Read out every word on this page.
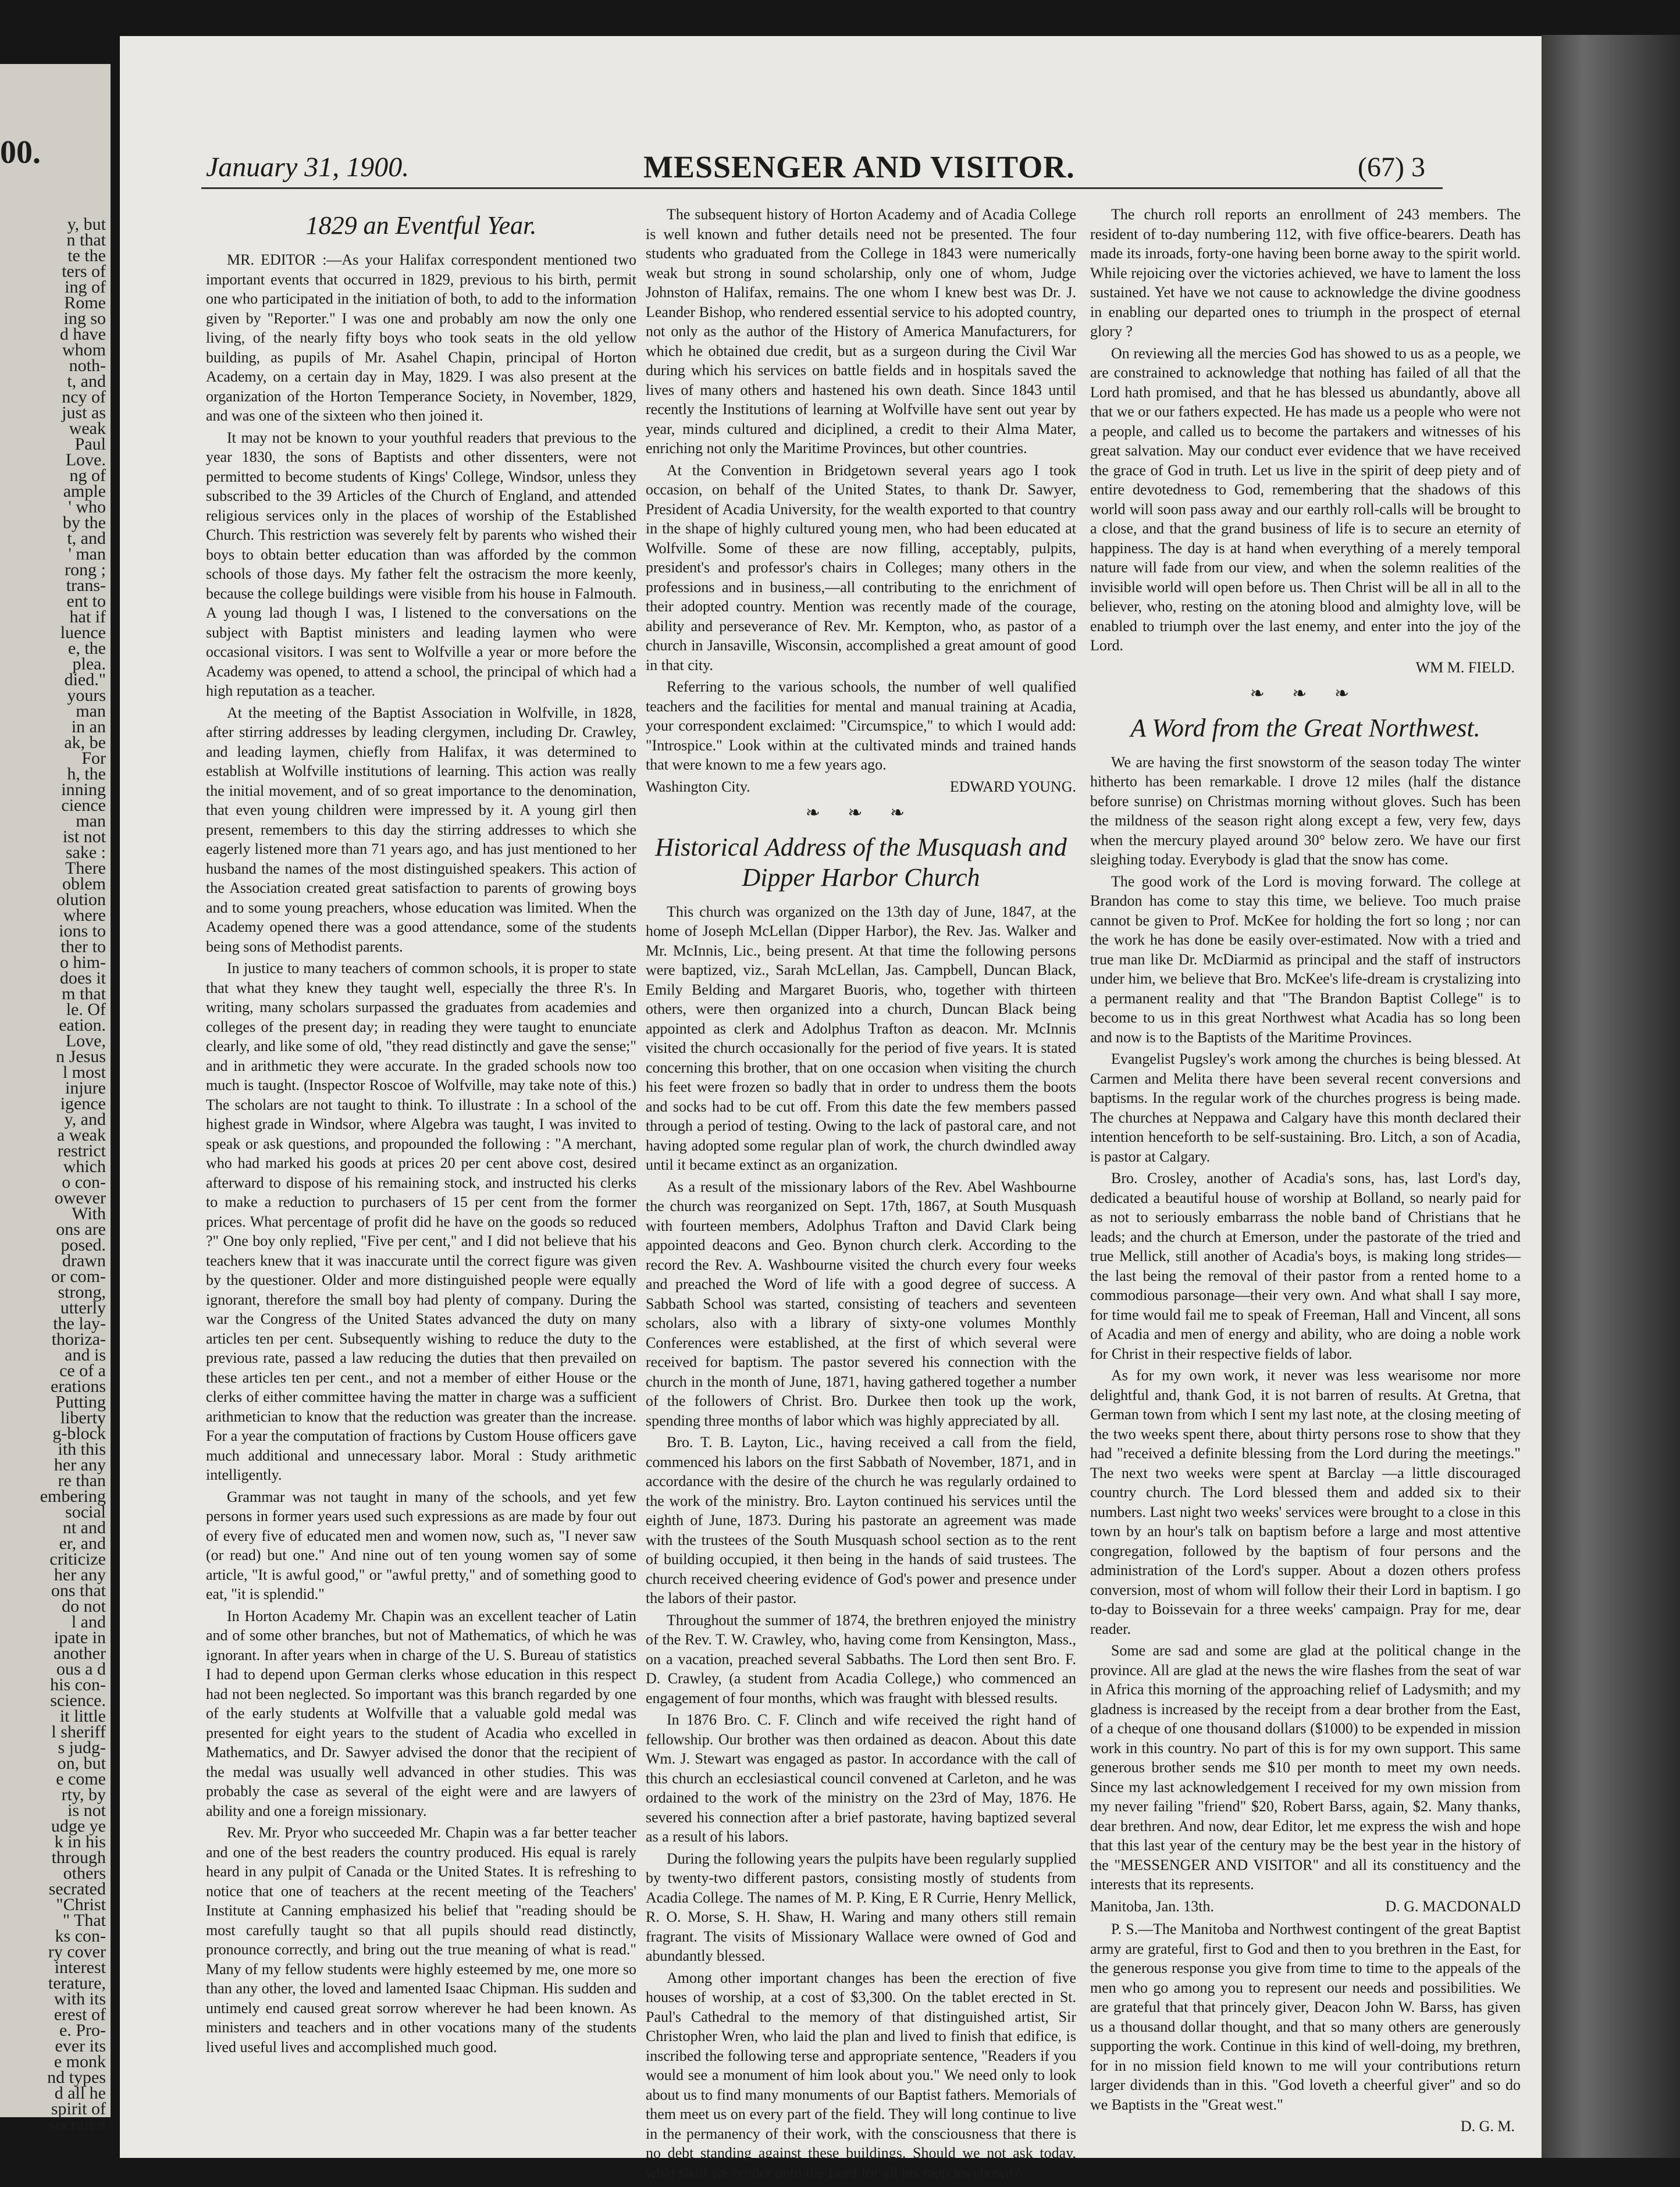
00.
y, but
n that
te the
ters of
ing of
Rome
ing so
d have
whom
noth-
t, and
ncy of
just as
weak
Paul
Love.
ng of
ample
' who
by the
t, and
' man
rong ;
trans-
ent to
hat if
luence
e, the
plea.
died."
yours
man
in an
ak, be
For
h, the
inning
cience
man
ist not
sake :
There
oblem
olution
where
ions to
ther to
o him-
does it
m that
le. Of
eation.
Love,
n Jesus
l most
injure
igence
y, and
a weak
restrict
which
o con-
owever
With
ons are
posed.
drawn
or com-
strong,
utterly
the lay-
thoriza-
and is
ce of a
erations
Putting
liberty
g-block
ith this
her any
re than
embering
social
nt and
er, and
criticize
her any
ons that
do not
l and
ipate in
another
ous a d
his con-
science.
it little
l sheriff
s judg-
on, but
e come
rty, by
is not
udge ye
k in his
through
others
secrated
"Christ
" That
ks con-
ry cover
interest
terature,
with its
erest of
e. Pro-
ever its
e monk
nd types
d all he
spirit of
secrated
January 31, 1900.	MESSENGER AND VISITOR.	(67) 3
1829 an Eventful Year.

MR. EDITOR :—As your Halifax correspondent mentioned two important events that occurred in 1829, previous to his birth, permit one who participated in the initiation of both, to add to the information given by "Reporter." I was one and probably am now the only one living, of the nearly fifty boys who took seats in the old yellow building, as pupils of Mr. Asahel Chapin, principal of Horton Academy, on a certain day in May, 1829. I was also present at the organization of the Horton Temperance Society, in November, 1829, and was one of the sixteen who then joined it.

It may not be known to your youthful readers that previous to the year 1830, the sons of Baptists and other dissenters, were not permitted to become students of Kings' College, Windsor, unless they subscribed to the 39 Articles of the Church of England, and attended religious services only in the places of worship of the Established Church. This restriction was severely felt by parents who wished their boys to obtain better education than was afforded by the common schools of those days. My father felt the ostracism the more keenly, because the college buildings were visible from his house in Falmouth. A young lad though I was, I listened to the conversations on the subject with Baptist ministers and leading laymen who were occasional visitors. I was sent to Wolfville a year or more before the Academy was opened, to attend a school, the principal of which had a high reputation as a teacher.

At the meeting of the Baptist Association in Wolfville, in 1828, after stirring addresses by leading clergymen, including Dr. Crawley, and leading laymen, chiefly from Halifax, it was determined to establish at Wolfville institutions of learning. This action was really the initial movement, and of so great importance to the denomination, that even young children were impressed by it. A young girl then present, remembers to this day the stirring addresses to which she eagerly listened more than 71 years ago, and has just mentioned to her husband the names of the most distinguished speakers. This action of the Association created great satisfaction to parents of growing boys and to some young preachers, whose education was limited. When the Academy opened there was a good attendance, some of the students being sons of Methodist parents.

In justice to many teachers of common schools, it is proper to state that what they knew they taught well, especially the three R's. In writing, many scholars surpassed the graduates from academies and colleges of the present day; in reading they were taught to enunciate clearly, and like some of old, "they read distinctly and gave the sense;" and in arithmetic they were accurate. In the graded schools now too much is taught. (Inspector Roscoe of Wolfville, may take note of this.) The scholars are not taught to think. To illustrate : In a school of the highest grade in Windsor, where Algebra was taught, I was invited to speak or ask questions, and propounded the following : "A merchant, who had marked his goods at prices 20 per cent above cost, desired afterward to dispose of his remaining stock, and instructed his clerks to make a reduction to purchasers of 15 per cent from the former prices. What percentage of profit did he have on the goods so reduced ?" One boy only replied, "Five per cent," and I did not believe that his teachers knew that it was inaccurate until the correct figure was given by the questioner. Older and more distinguished people were equally ignorant, therefore the small boy had plenty of company. During the war the Congress of the United States advanced the duty on many articles ten per cent. Subsequently wishing to reduce the duty to the previous rate, passed a law reducing the duties that then prevailed on these articles ten per cent., and not a member of either House or the clerks of either committee having the matter in charge was a sufficient arithmetician to know that the reduction was greater than the increase. For a year the computation of fractions by Custom House officers gave much additional and unnecessary labor. Moral : Study arithmetic intelligently.

Grammar was not taught in many of the schools, and yet few persons in former years used such expressions as are made by four out of every five of educated men and women now, such as, "I never saw (or read) but one." And nine out of ten young women say of some article, "It is awful good," or "awful pretty," and of something good to eat, "it is splendid."

In Horton Academy Mr. Chapin was an excellent teacher of Latin and of some other branches, but not of Mathematics, of which he was ignorant. In after years when in charge of the U. S. Bureau of statistics I had to depend upon German clerks whose education in this respect had not been neglected. So important was this branch regarded by one of the early students at Wolfville that a valuable gold medal was presented for eight years to the student of Acadia who excelled in Mathematics, and Dr. Sawyer advised the donor that the recipient of the medal was usually well advanced in other studies. This was probably the case as several of the eight were and are lawyers of ability and one a foreign missionary.

Rev. Mr. Pryor who succeeded Mr. Chapin was a far better teacher and one of the best readers the country produced. His equal is rarely heard in any pulpit of Canada or the United States. It is refreshing to notice that one of teachers at the recent meeting of the Teachers' Institute at Canning emphasized his belief that "reading should be most carefully taught so that all pupils should read distinctly, pronounce correctly, and bring out the true meaning of what is read." Many of my fellow students were highly esteemed by me, one more so than any other, the loved and lamented Isaac Chipman. His sudden and untimely end caused great sorrow wherever he had been known. As ministers and teachers and in other vocations many of the students lived useful lives and accomplished much good.

The subsequent history of Horton Academy and of Acadia College is well known and futher details need not be presented. The four students who graduated from the College in 1843 were numerically weak but strong in sound scholarship, only one of whom, Judge Johnston of Halifax, remains. The one whom I knew best was Dr. J. Leander Bishop, who rendered essential service to his adopted country, not only as the author of the History of America Manufacturers, for which he obtained due credit, but as a surgeon during the Civil War during which his services on battle fields and in hospitals saved the lives of many others and hastened his own death. Since 1843 until recently the Institutions of learning at Wolfville have sent out year by year, minds cultured and diciplined, a credit to their Alma Mater, enriching not only the Maritime Provinces, but other countries.

At the Convention in Bridgetown several years ago I took occasion, on behalf of the United States, to thank Dr. Sawyer, President of Acadia University, for the wealth exported to that country in the shape of highly cultured young men, who had been educated at Wolfville. Some of these are now filling, acceptably, pulpits, president's and professor's chairs in Colleges; many others in the professions and in business,—all contributing to the enrichment of their adopted country. Mention was recently made of the courage, ability and perseverance of Rev. Mr. Kempton, who, as pastor of a church in Jansaville, Wisconsin, accomplished a great amount of good in that city.

Referring to the various schools, the number of well qualified teachers and the facilities for mental and manual training at Acadia, your correspondent exclaimed: "Circumspice," to which I would add: "Introspice." Look within at the cultivated minds and trained hands that were known to me a few years ago.

Washington City.	EDWARD YOUNG.

❧ ❧ ❧
Historical Address of the Musquash and Dipper Harbor Church

This church was organized on the 13th day of June, 1847, at the home of Joseph McLellan (Dipper Harbor), the Rev. Jas. Walker and Mr. McInnis, Lic., being present. At that time the following persons were baptized, viz., Sarah McLellan, Jas. Campbell, Duncan Black, Emily Belding and Margaret Buoris, who, together with thirteen others, were then organized into a church, Duncan Black being appointed as clerk and Adolphus Trafton as deacon. Mr. McInnis visited the church occasionally for the period of five years. It is stated concerning this brother, that on one occasion when visiting the church his feet were frozen so badly that in order to undress them the boots and socks had to be cut off. From this date the few members passed through a period of testing. Owing to the lack of pastoral care, and not having adopted some regular plan of work, the church dwindled away until it became extinct as an organization.

As a result of the missionary labors of the Rev. Abel Washbourne the church was reorganized on Sept. 17th, 1867, at South Musquash with fourteen members, Adolphus Trafton and David Clark being appointed deacons and Geo. Bynon church clerk. According to the record the Rev. A. Washbourne visited the church every four weeks and preached the Word of life with a good degree of success. A Sabbath School was started, consisting of teachers and seventeen scholars, also with a library of sixty-one volumes Monthly Conferences were established, at the first of which several were received for baptism. The pastor severed his connection with the church in the month of June, 1871, having gathered together a number of the followers of Christ. Bro. Durkee then took up the work, spending three months of labor which was highly appreciated by all.

Bro. T. B. Layton, Lic., having received a call from the field, commenced his labors on the first Sabbath of November, 1871, and in accordance with the desire of the church he was regularly ordained to the work of the ministry. Bro. Layton continued his services until the eighth of June, 1873. During his pastorate an agreement was made with the trustees of the South Musquash school section as to the rent of building occupied, it then being in the hands of said trustees. The church received cheering evidence of God's power and presence under the labors of their pastor.

Throughout the summer of 1874, the brethren enjoyed the ministry of the Rev. T. W. Crawley, who, having come from Kensington, Mass., on a vacation, preached several Sabbaths. The Lord then sent Bro. F. D. Crawley, (a student from Acadia College,) who commenced an engagement of four months, which was fraught with blessed results.

In 1876 Bro. C. F. Clinch and wife received the right hand of fellowship. Our brother was then ordained as deacon. About this date Wm. J. Stewart was engaged as pastor. In accordance with the call of this church an ecclesiastical council convened at Carleton, and he was ordained to the work of the ministry on the 23rd of May, 1876. He severed his connection after a brief pastorate, having baptized several as a result of his labors.

During the following years the pulpits have been regularly supplied by twenty-two different pastors, consisting mostly of students from Acadia College. The names of M. P. King, E R Currie, Henry Mellick, R. O. Morse, S. H. Shaw, H. Waring and many others still remain fragrant. The visits of Missionary Wallace were owned of God and abundantly blessed.

Among other important changes has been the erection of five houses of worship, at a cost of $3,300. On the tablet erected in St. Paul's Cathedral to the memory of that distinguished artist, Sir Christopher Wren, who laid the plan and lived to finish that edifice, is inscribed the following terse and appropriate sentence, "Readers if you would see a monument of him look about you." We need only to look about us to find many monuments of our Baptist fathers. Memorials of them meet us on every part of the field. They will long continue to live in the permanency of their work, with the consciousness that there is no debt standing against these buildings. Should we not ask today, what shall we render unto the Lord for all his mercies shown?

The church roll reports an enrollment of 243 members. The resident of to-day numbering 112, with five office-bearers. Death has made its inroads, forty-one having been borne away to the spirit world. While rejoicing over the victories achieved, we have to lament the loss sustained. Yet have we not cause to acknowledge the divine goodness in enabling our departed ones to triumph in the prospect of eternal glory ?

On reviewing all the mercies God has showed to us as a people, we are constrained to acknowledge that nothing has failed of all that the Lord hath promised, and that he has blessed us abundantly, above all that we or our fathers expected. He has made us a people who were not a people, and called us to become the partakers and witnesses of his great salvation. May our conduct ever evidence that we have received the grace of God in truth. Let us live in the spirit of deep piety and of entire devotedness to God, remembering that the shadows of this world will soon pass away and our earthly roll-calls will be brought to a close, and that the grand business of life is to secure an eternity of happiness. The day is at hand when everything of a merely temporal nature will fade from our view, and when the solemn realities of the invisible world will open before us. Then Christ will be all in all to the believer, who, resting on the atoning blood and almighty love, will be enabled to triumph over the last enemy, and enter into the joy of the Lord.

WM M. FIELD.

❧ ❧ ❧
A Word from the Great Northwest.

We are having the first snowstorm of the season today The winter hitherto has been remarkable. I drove 12 miles (half the distance before sunrise) on Christmas morning without gloves. Such has been the mildness of the season right along except a few, very few, days when the mercury played around 30° below zero. We have our first sleighing today. Everybody is glad that the snow has come.

The good work of the Lord is moving forward. The college at Brandon has come to stay this time, we believe. Too much praise cannot be given to Prof. McKee for holding the fort so long ; nor can the work he has done be easily over-estimated. Now with a tried and true man like Dr. McDiarmid as principal and the staff of instructors under him, we believe that Bro. McKee's life-dream is crystalizing into a permanent reality and that "The Brandon Baptist College" is to become to us in this great Northwest what Acadia has so long been and now is to the Baptists of the Maritime Provinces.

Evangelist Pugsley's work among the churches is being blessed. At Carmen and Melita there have been several recent conversions and baptisms. In the regular work of the churches progress is being made. The churches at Neppawa and Calgary have this month declared their intention henceforth to be self-sustaining. Bro. Litch, a son of Acadia, is pastor at Calgary.

Bro. Crosley, another of Acadia's sons, has, last Lord's day, dedicated a beautiful house of worship at Bolland, so nearly paid for as not to seriously embarrass the noble band of Christians that he leads; and the church at Emerson, under the pastorate of the tried and true Mellick, still another of Acadia's boys, is making long strides—the last being the removal of their pastor from a rented home to a commodious parsonage—their very own. And what shall I say more, for time would fail me to speak of Freeman, Hall and Vincent, all sons of Acadia and men of energy and ability, who are doing a noble work for Christ in their respective fields of labor.

As for my own work, it never was less wearisome nor more delightful and, thank God, it is not barren of results. At Gretna, that German town from which I sent my last note, at the closing meeting of the two weeks spent there, about thirty persons rose to show that they had "received a definite blessing from the Lord during the meetings." The next two weeks were spent at Barclay —a little discouraged country church. The Lord blessed them and added six to their numbers. Last night two weeks' services were brought to a close in this town by an hour's talk on baptism before a large and most attentive congregation, followed by the baptism of four persons and the administration of the Lord's supper. About a dozen others profess conversion, most of whom will follow their their Lord in baptism. I go to-day to Boissevain for a three weeks' campaign. Pray for me, dear reader.

Some are sad and some are glad at the political change in the province. All are glad at the news the wire flashes from the seat of war in Africa this morning of the approaching relief of Ladysmith; and my gladness is increased by the receipt from a dear brother from the East, of a cheque of one thousand dollars ($1000) to be expended in mission work in this country. No part of this is for my own support. This same generous brother sends me $10 per month to meet my own needs. Since my last acknowledgement I received for my own mission from my never failing "friend" $20, Robert Barss, again, $2. Many thanks, dear brethren. And now, dear Editor, let me express the wish and hope that this last year of the century may be the best year in the history of the "MESSENGER AND VISITOR" and all its constituency and the interests that its represents.

Manitoba, Jan. 13th.	D. G. MACDONALD

P. S.—The Manitoba and Northwest contingent of the great Baptist army are grateful, first to God and then to you brethren in the East, for the generous response you give from time to time to the appeals of the men who go among you to represent our needs and possibilities. We are grateful that that princely giver, Deacon John W. Barss, has given us a thousand dollar thought, and that so many others are generously supporting the work. Continue in this kind of well-doing, my brethren, for in no mission field known to me will your contributions return larger dividends than in this. "God loveth a cheerful giver" and so do we Baptists in the "Great west."

D. G. M.
